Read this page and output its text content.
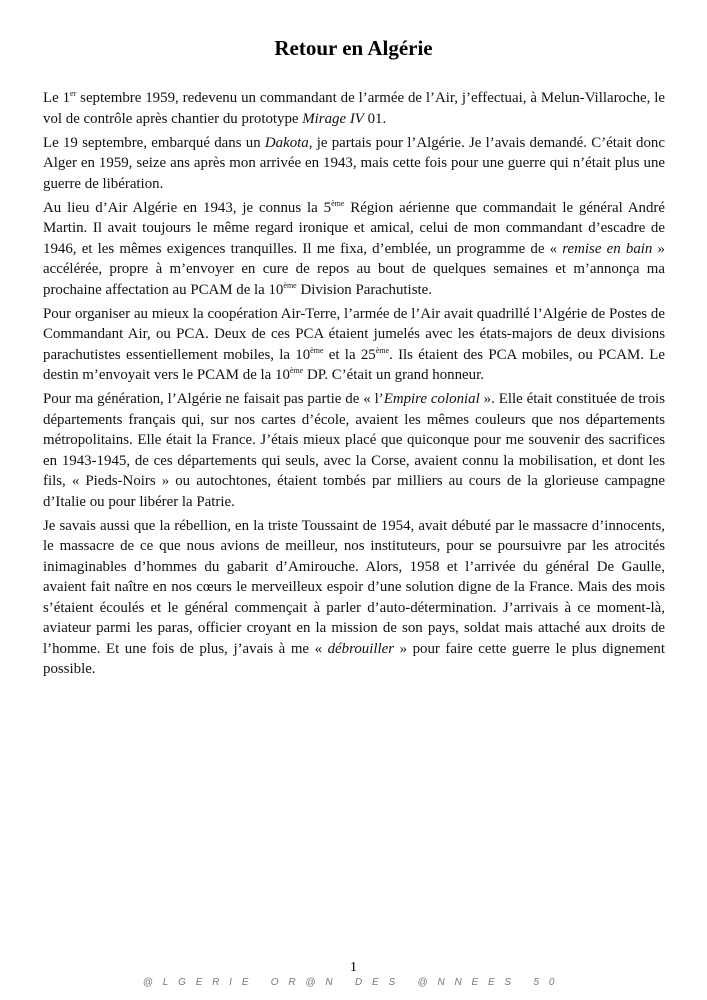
Retour en Algérie

Le 1er septembre 1959, redevenu un commandant de l’armée de l’Air, j’effectuai, à Melun-Villaroche, le vol de contrôle après chantier du prototype Mirage IV 01.

Le 19 septembre, embarqué dans un Dakota, je partais pour l’Algérie. Je l’avais demandé. C’était donc Alger en 1959, seize ans après mon arrivée en 1943, mais cette fois pour une guerre qui n’était plus une guerre de libération.

Au lieu d’Air Algérie en 1943, je connus la 5ème Région aérienne que commandait le général André Martin. Il avait toujours le même regard ironique et amical, celui de mon commandant d’escadre de 1946, et les mêmes exigences tranquilles. Il me fixa, d’emblée, un programme de « remise en bain » accélérée, propre à m’envoyer en cure de repos au bout de quelques semaines et m’annonça ma prochaine affectation au PCAM de la 10ème Division Parachutiste.

Pour organiser au mieux la coopération Air-Terre, l’armée de l’Air avait quadrillé l’Algérie de Postes de Commandant Air, ou PCA. Deux de ces PCA étaient jumelés avec les états-majors de deux divisions parachutistes essentiellement mobiles, la 10ème et la 25ème. Ils étaient des PCA mobiles, ou PCAM. Le destin m’envoyait vers le PCAM de la 10ème DP. C’était un grand honneur.

Pour ma génération, l’Algérie ne faisait pas partie de « l’Empire colonial ». Elle était constituée de trois départements français qui, sur nos cartes d’école, avaient les mêmes couleurs que nos départements métropolitains. Elle était la France. J’étais mieux placé que quiconque pour me souvenir des sacrifices en 1943-1945, de ces départements qui seuls, avec la Corse, avaient connu la mobilisation, et dont les fils, « Pieds-Noirs » ou autochtones, étaient tombés par milliers au cours de la glorieuse campagne d’Italie ou pour libérer la Patrie.

Je savais aussi que la rébellion, en la triste Toussaint de 1954, avait débuté par le massacre d’innocents, le massacre de ce que nous avions de meilleur, nos instituteurs, pour se poursuivre par les atrocités inimaginables d’hommes du gabarit d’Amirouche. Alors, 1958 et l’arrivée du général De Gaulle, avaient fait naître en nos cœurs le merveilleux espoir d’une solution digne de la France. Mais des mois s’étaient écoulés et le général commençait à parler d’auto-détermination. J’arrivais à ce moment-là, aviateur parmi les paras, officier croyant en la mission de son pays, soldat mais attaché aux droits de l’homme. Et une fois de plus, j’avais à me « débrouiller » pour faire cette guerre le plus dignement possible.

1
@LGERIE OR@N DES @NNEES 50
